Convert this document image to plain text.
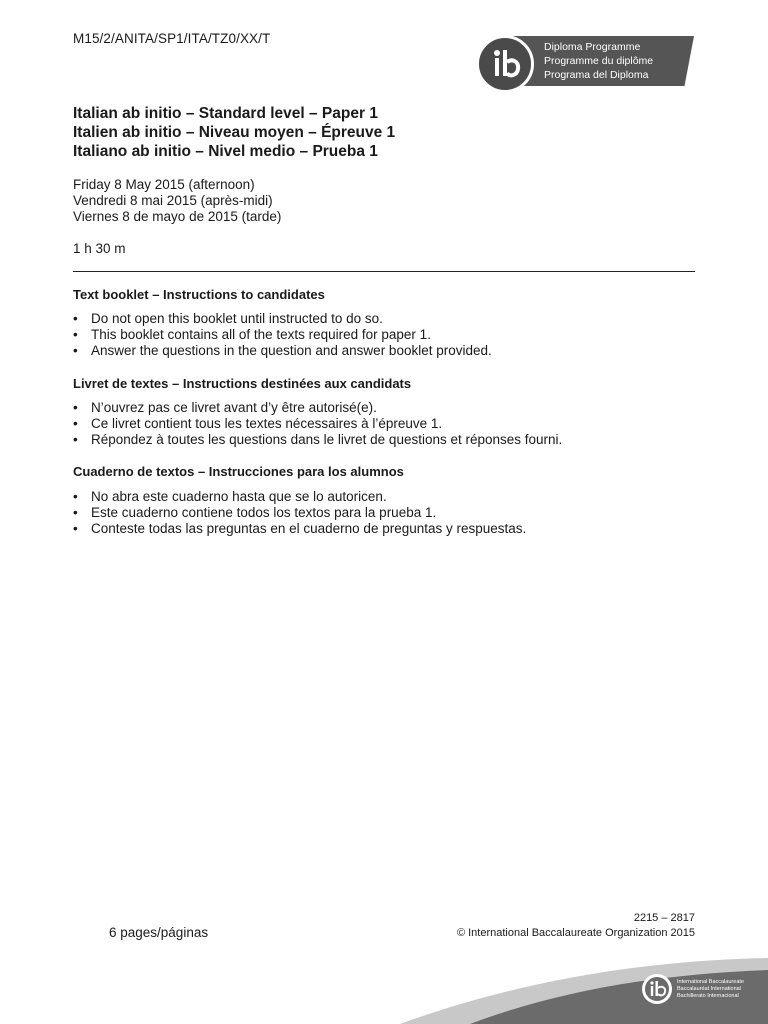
M15/2/ANITA/SP1/ITA/TZ0/XX/T
Diploma Programme
Programme du diplôme
Programa del Diploma
Italian ab initio – Standard level – Paper 1
Italien ab initio – Niveau moyen – Épreuve 1
Italiano ab initio – Nivel medio – Prueba 1
Friday 8 May 2015 (afternoon)
Vendredi 8 mai 2015 (après-midi)
Viernes 8 de mayo de 2015 (tarde)
1 h 30 m
Text booklet – Instructions to candidates
• Do not open this booklet until instructed to do so.
• This booklet contains all of the texts required for paper 1.
• Answer the questions in the question and answer booklet provided.
Livret de textes – Instructions destinées aux candidats
• N’ouvrez pas ce livret avant d’y être autorisé(e).
• Ce livret contient tous les textes nécessaires à l’épreuve 1.
• Répondez à toutes les questions dans le livret de questions et réponses fourni.
Cuaderno de textos – Instrucciones para los alumnos
• No abra este cuaderno hasta que se lo autoricen.
• Este cuaderno contiene todos los textos para la prueba 1.
• Conteste todas las preguntas en el cuaderno de preguntas y respuestas.
6 pages/páginas
2215 – 2817
© International Baccalaureate Organization 2015
International Baccalaureate
Baccalauréat International
Bachillerato Internacional
